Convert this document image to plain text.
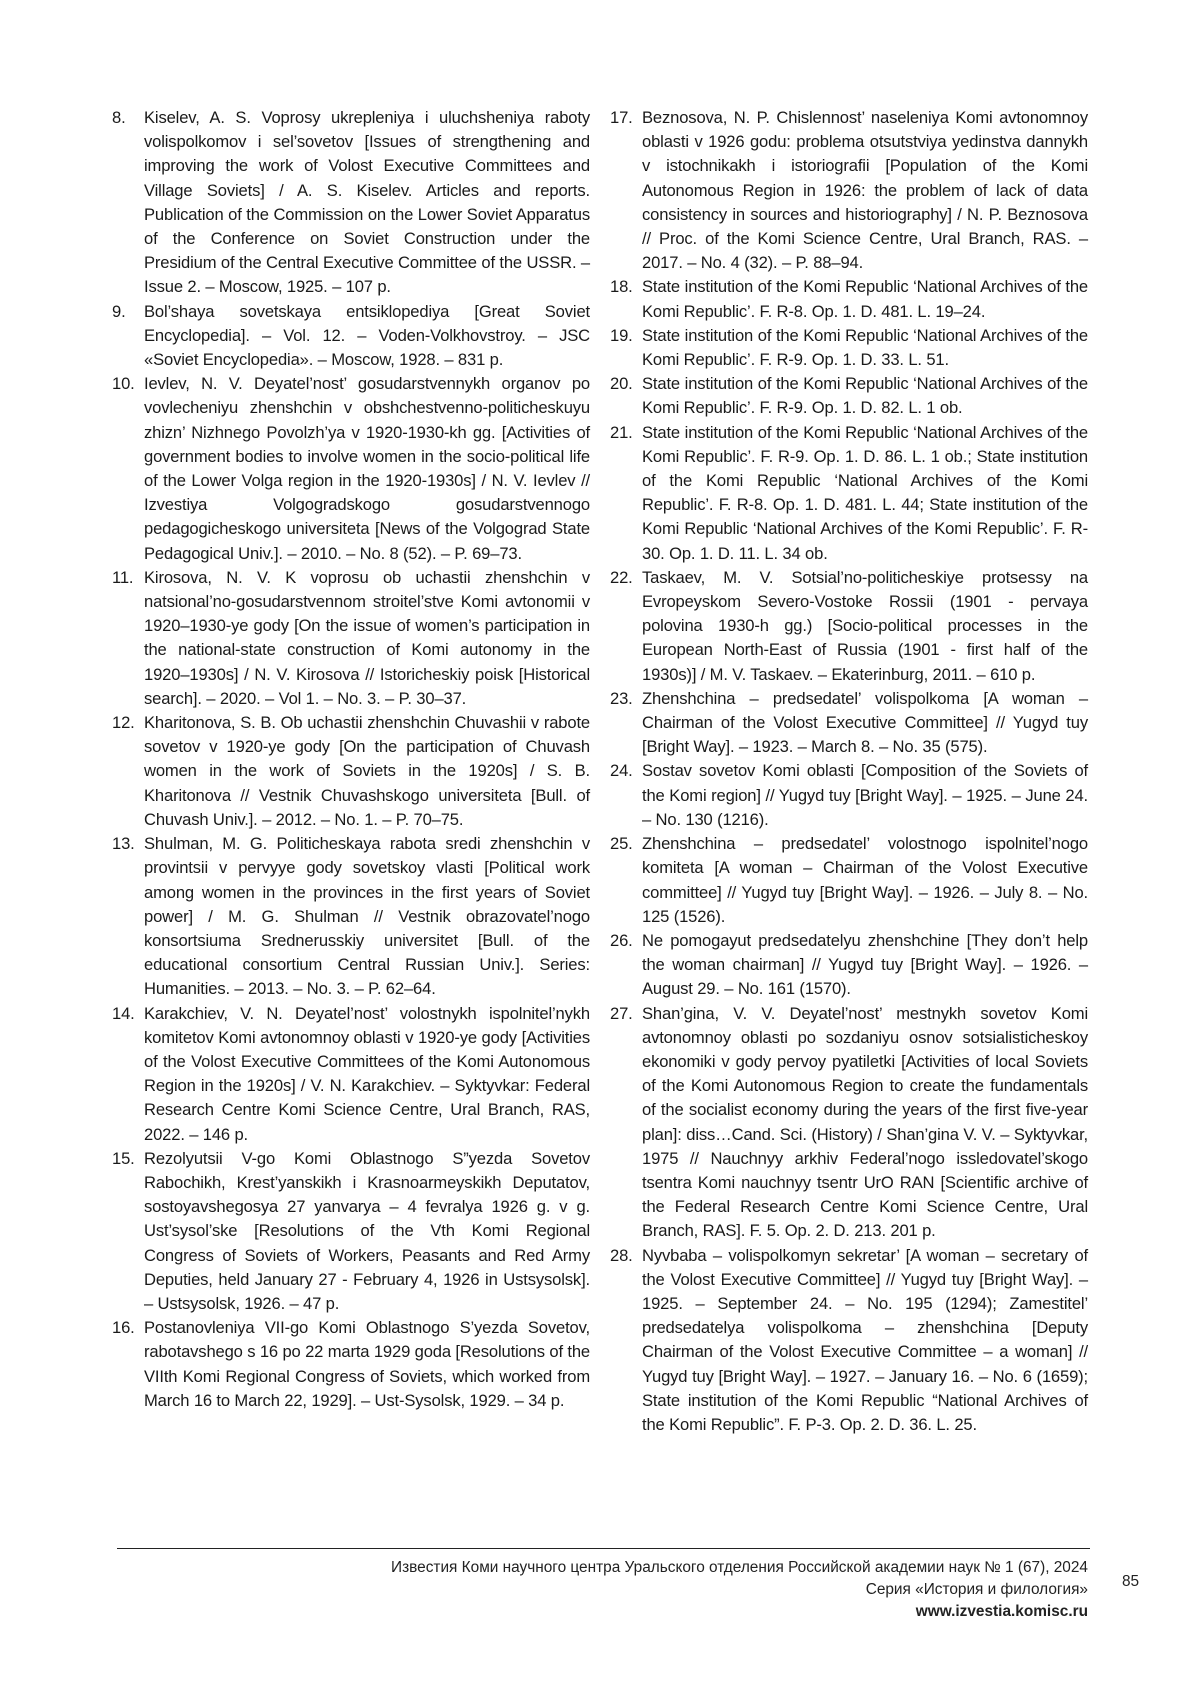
8.	Kiselev, A. S. Voprosy ukrepleniya i uluchsheniya raboty volispolkomov i sel’sovetov [Issues of strengthening and improving the work of Volost Executive Committees and Village Soviets] / A. S. Kiselev. Articles and reports. Publication of the Commission on the Lower Soviet Apparatus of the Conference on Soviet Construction under the Presidium of the Central Executive Committee of the USSR. – Issue 2. – Moscow, 1925. – 107 p.
9.	Bol’shaya sovetskaya entsiklopediya [Great Soviet Encyclopedia]. – Vol. 12. – Voden-Volkhovstroy. – JSC «Soviet Encyclopedia». – Moscow, 1928. – 831 p.
10. Ievlev, N. V. Deyatel’nost’ gosudarstvennykh organov po vovlecheniyu zhenshchin v obshchestvenno-politicheskuyu zhizn’ Nizhnego Povolzh’ya v 1920-1930-kh gg. [Activities of government bodies to involve women in the socio-political life of the Lower Volga region in the 1920-1930s] / N. V. Ievlev // Izvestiya Volgogradskogo gosudarstvennogo pedagogicheskogo universiteta [News of the Volgograd State Pedagogical Univ.]. – 2010. – No. 8 (52). – P. 69–73.
11. Kirosova, N. V. K voprosu ob uchastii zhenshchin v natsional’no-gosudarstvennom stroitel’stve Komi avtonomii v 1920–1930-ye gody [On the issue of women’s participation in the national-state construction of Komi autonomy in the 1920–1930s] / N. V. Kirosova // Istoricheskiy poisk [Historical search]. – 2020. – Vol 1. – No. 3. – P. 30–37.
12. Kharitonova, S. B. Ob uchastii zhenshchin Chuvashii v rabote sovetov v 1920-ye gody [On the participation of Chuvash women in the work of Soviets in the 1920s] / S. B. Kharitonova // Vestnik Chuvashskogo universiteta [Bull. of Chuvash Univ.]. – 2012. – No. 1. – P. 70–75.
13. Shulman, M. G. Politicheskaya rabota sredi zhenshchin v provintsii v pervyye gody sovetskoy vlasti [Political work among women in the provinces in the first years of Soviet power] / M. G. Shulman // Vestnik obrazovatel’nogo konsortsiuma Srednerusskiy universitet [Bull. of the educational consortium Central Russian Univ.]. Series: Humanities. – 2013. – No. 3. – P. 62–64.
14. Karakchiev, V. N. Deyatel’nost’ volostnykh ispolnitel’nykh komitetov Komi avtonomnoy oblasti v 1920-ye gody [Activities of the Volost Executive Committees of the Komi Autonomous Region in the 1920s] / V. N. Karakchiev. – Syktyvkar: Federal Research Centre Komi Science Centre, Ural Branch, RAS, 2022. – 146 p.
15. Rezolyutsii V-go Komi Oblastnogo S”yezda Sovetov Rabochikh, Krest’yanskikh i Krasnoarmeyskikh Deputatov, sostoyavshegosya 27 yanvarya – 4 fevralya 1926 g. v g. Ust’sysol’ske [Resolutions of the Vth Komi Regional Congress of Soviets of Workers, Peasants and Red Army Deputies, held January 27 - February 4, 1926 in Ustsysolsk]. – Ustsysolsk, 1926. – 47 p.
16. Postanovleniya VII-go Komi Oblastnogo S’yezda Sovetov, rabotavshego s 16 po 22 marta 1929 goda [Resolutions of the VIIth Komi Regional Congress of Soviets, which worked from March 16 to March 22, 1929]. – Ust-Sysolsk, 1929. – 34 p.
17. Beznosova, N. P. Chislennost’ naseleniya Komi avtonomnoy oblasti v 1926 godu: problema otsutstviya yedinstva dannykh v istochnikakh i istoriografii [Population of the Komi Autonomous Region in 1926: the problem of lack of data consistency in sources and historiography] / N. P. Beznosova // Proc. of the Komi Science Centre, Ural Branch, RAS. – 2017. – No. 4 (32). – P. 88–94.
18. State institution of the Komi Republic ‘National Archives of the Komi Republic’. F. R-8. Op. 1. D. 481. L. 19–24.
19. State institution of the Komi Republic ‘National Archives of the Komi Republic’. F. R-9. Op. 1. D. 33. L. 51.
20. State institution of the Komi Republic ‘National Archives of the Komi Republic’. F. R-9. Op. 1. D. 82. L. 1 ob.
21. State institution of the Komi Republic ‘National Archives of the Komi Republic’. F. R-9. Op. 1. D. 86. L. 1 ob.; State institution of the Komi Republic ‘National Archives of the Komi Republic’. F. R-8. Op. 1. D. 481. L. 44; State institution of the Komi Republic ‘National Archives of the Komi Republic’. F. R-30. Op. 1. D. 11. L. 34 ob.
22. Taskaev, M. V. Sotsial’no-politicheskiye protsessy na Evropeyskom Severo-Vostoke Rossii (1901 - pervaya polovina 1930-h gg.) [Socio-political processes in the European North-East of Russia (1901 - first half of the 1930s)] / M. V. Taskaev. – Ekaterinburg, 2011. – 610 p.
23. Zhenshchina – predsedatel’ volispolkoma [A woman – Chairman of the Volost Executive Committee] // Yugyd tuy [Bright Way]. – 1923. – March 8. – No. 35 (575).
24. Sostav sovetov Komi oblasti [Composition of the Soviets of the Komi region] // Yugyd tuy [Bright Way]. – 1925. – June 24. – No. 130 (1216).
25. Zhenshchina – predsedatel’ volostnogo ispolnitel’nogo komiteta [A woman – Chairman of the Volost Executive committee] // Yugyd tuy [Bright Way]. – 1926. – July 8. – No. 125 (1526).
26. Ne pomogayut predsedatelyu zhenshchine [They don’t help the woman chairman] // Yugyd tuy [Bright Way]. – 1926. – August 29. – No. 161 (1570).
27. Shan’gina, V. V. Deyatel’nost’ mestnykh sovetov Komi avtonomnoy oblasti po sozdaniyu osnov sotsialisticheskoy ekonomiki v gody pervoy pyatiletki [Activities of local Soviets of the Komi Autonomous Region to create the fundamentals of the socialist economy during the years of the first five-year plan]: diss…Cand. Sci. (History) / Shan’gina V. V. – Syktyvkar, 1975 // Nauchnyy arkhiv Federal’nogo issledovatel’skogo tsentra Komi nauchnyy tsentr UrO RAN [Scientific archive of the Federal Research Centre Komi Science Centre, Ural Branch, RAS]. F. 5. Op. 2. D. 213. 201 p.
28. Nyvbaba – volispolkomyn sekretar’ [A woman – secretary of the Volost Executive Committee] // Yugyd tuy [Bright Way]. – 1925. – September 24. – No. 195 (1294); Zamestitel’ predsedatelya volispolkoma – zhenshchina [Deputy Chairman of the Volost Executive Committee – a woman] // Yugyd tuy [Bright Way]. – 1927. – January 16. – No. 6 (1659); State institution of the Komi Republic “National Archives of the Komi Republic”. F. P-3. Op. 2. D. 36. L. 25.
Известия Коми научного центра Уральского отделения Российской академии наук № 1 (67), 2024
Серия «История и филология»
www.izvestia.komisc.ru
85
